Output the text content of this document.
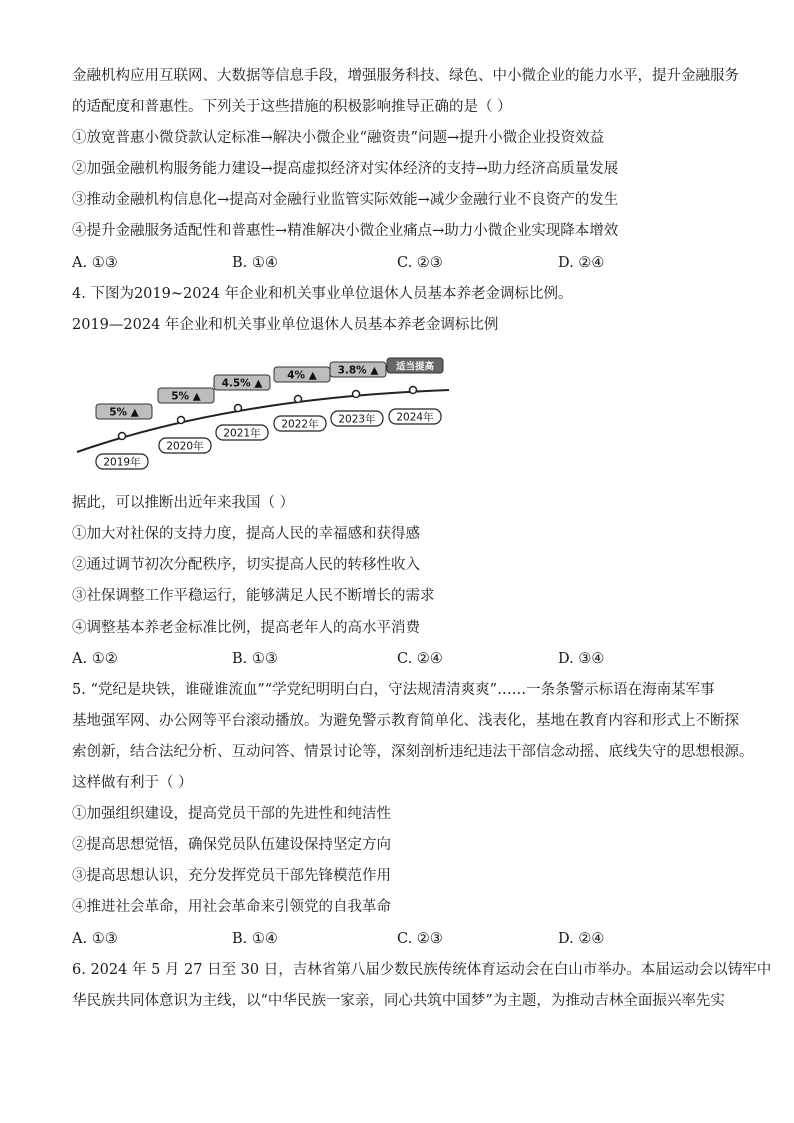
金融机构应用互联网、大数据等信息手段，增强服务科技、绿色、中小微企业的能力水平，提升金融服务
的适配度和普惠性。下列关于这些措施的积极影响推导正确的是（ ）
①放宽普惠小微贷款认定标准→解决小微企业“融资贵”问题→提升小微企业投资效益
②加强金融机构服务能力建设→提高虚拟经济对实体经济的支持→助力经济高质量发展
③推动金融机构信息化→提高对金融行业监管实际效能→减少金融行业不良资产的发生
④提升金融服务适配性和普惠性→精准解决小微企业痛点→助力小微企业实现降本增效
A. ①③	B. ①④	C. ②③	D. ②④
4. 下图为2019~2024 年企业和机关事业单位退休人员基本养老金调标比例。
2019—2024 年企业和机关事业单位退休人员基本养老金调标比例
2019年
5% ▲
2020年
5% ▲
2021年
4.5% ▲
2022年
4% ▲
2023年
3.8% ▲
2024年
适当提高
据此，可以推断出近年来我国（ ）
①加大对社保的支持力度，提高人民的幸福感和获得感
②通过调节初次分配秩序，切实提高人民的转移性收入
③社保调整工作平稳运行，能够满足人民不断增长的需求
④调整基本养老金标准比例，提高老年人的高水平消费
A. ①②	B. ①③	C. ②④	D. ③④
5. “党纪是块铁，谁碰谁流血”“学党纪明明白白，守法规清清爽爽”……一条条警示标语在海南某军事
基地强军网、办公网等平台滚动播放。为避免警示教育简单化、浅表化，基地在教育内容和形式上不断探
索创新，结合法纪分析、互动问答、情景讨论等，深刻剖析违纪违法干部信念动摇、底线失守的思想根源。
这样做有利于（ ）
①加强组织建设，提高党员干部的先进性和纯洁性
②提高思想觉悟，确保党员队伍建设保持坚定方向
③提高思想认识，充分发挥党员干部先锋模范作用
④推进社会革命，用社会革命来引领党的自我革命
A. ①③	B. ①④	C. ②③	D. ②④
6. 2024 年 5 月 27 日至 30 日，吉林省第八届少数民族传统体育运动会在白山市举办。本届运动会以铸牢中
华民族共同体意识为主线，以“中华民族一家亲，同心共筑中国梦”为主题，为推动吉林全面振兴率先实
